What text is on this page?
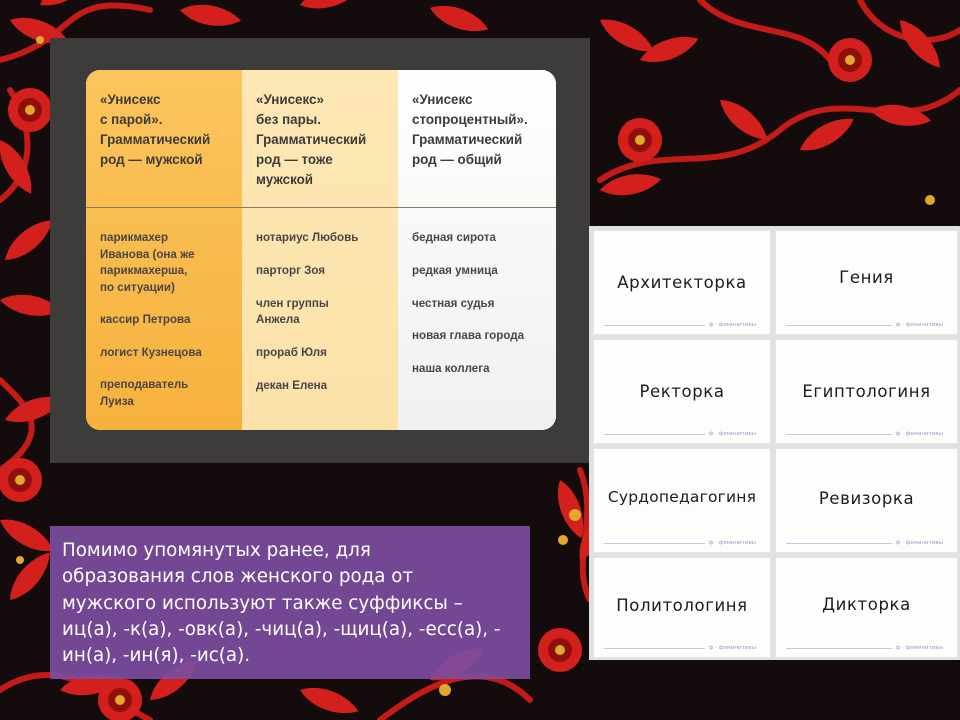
«Унисекс
с парой».
Грамматический
род — мужской
парикмахер
Иванова (она же
парикмахерша,
по ситуации)
кассир Петрова
логист Кузнецова
преподаватель
Луиза
«Унисекс»
без пары.
Грамматический
род — тоже
мужской
нотариус Любовь
парторг Зоя
член группы
Анжела
прораб Юля
декан Елена
«Унисекс
стопроцентный».
Грамматический
род — общий
бедная сирота
редкая умница
честная судья
новая глава города
наша коллега
Архитекторка
ф · феминитивы
Гения
ф · феминитивы
Ректорка
ф · феминитивы
Египтологиня
ф · феминитивы
Сурдопедагогиня
ф · феминитивы
Ревизорка
ф · феминитивы
Политологиня
ф · феминитивы
Дикторка
ф · феминитивы
Помимо упомянутых ранее, для
образования слов женского рода от
мужского используют также суффиксы –
иц(а), -к(а), -овк(а), -чиц(а), -щиц(а), -есс(а), -
ин(а), -ин(я), -ис(а).
